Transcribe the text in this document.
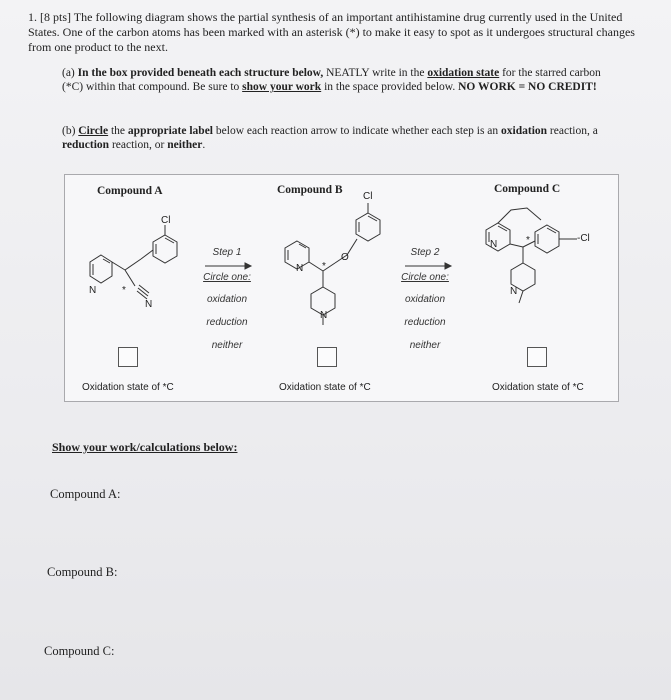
1. [8 pts] The following diagram shows the partial synthesis of an important antihistamine drug currently used in the United States. One of the carbon atoms has been marked with an asterisk (*) to make it easy to spot as it undergoes structural changes from one product to the next.
(a) In the box provided beneath each structure below, NEATLY write in the oxidation state for the starred carbon (*C) within that compound. Be sure to show your work in the space provided below. NO WORK = NO CREDIT!
(b) Circle the appropriate label below each reaction arrow to indicate whether each step is an oxidation reaction, a reduction reaction, or neither.
Compound A	Compound B	Compound C
Cl
N
N
*
Cl
N
O
*
N
N
-Cl
*
N
Step 1
Circle one:
oxidation
reduction
neither
Step 2
Circle one:
oxidation
reduction
neither
Oxidation state of *C	Oxidation state of *C	Oxidation state of *C
Show your work/calculations below:
Compound A:
Compound B:
Compound C:
